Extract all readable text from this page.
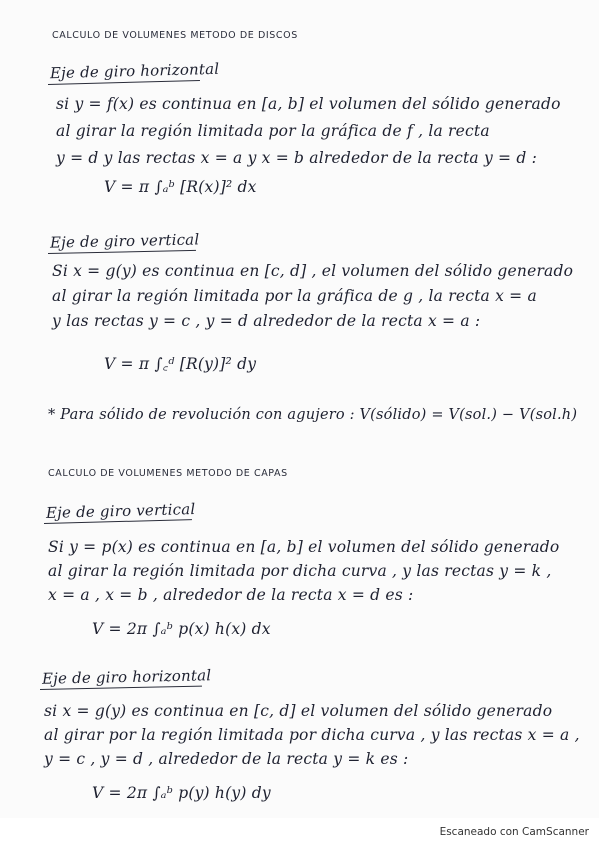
CALCULO DE VOLUMENES METODO DE DISCOS
Eje de giro horizontal
si y = f(x) es continua en [a, b] el volumen del sólido generado
al girar la región limitada por la gráfica de f , la recta
y = d y las rectas x = a y x = b alrededor de la recta y = d :
V = π ∫ₐᵇ [R(x)]² dx
Eje de giro vertical
Si x = g(y) es continua en [c, d] , el volumen del sólido generado
al girar la región limitada por la gráfica de g , la recta x = a
y las rectas y = c , y = d alrededor de la recta x = a :
V = π ∫꜀ᵈ [R(y)]² dy
* Para sólido de revolución con agujero : V(sólido) = V(sol.) − V(sol.h)
CALCULO DE VOLUMENES METODO DE CAPAS
Eje de giro vertical
Si y = p(x) es continua en [a, b] el volumen del sólido generado
al girar la región limitada por dicha curva , y las rectas y = k ,
x = a , x = b , alrededor de la recta x = d es :
V = 2π ∫ₐᵇ p(x) h(x) dx
Eje de giro horizontal
si x = g(y) es continua en [c, d] el volumen del sólido generado
al girar por la región limitada por dicha curva , y las rectas x = a ,
y = c , y = d , alrededor de la recta y = k es :
V = 2π ∫ₐᵇ p(y) h(y) dy
Escaneado con CamScanner
